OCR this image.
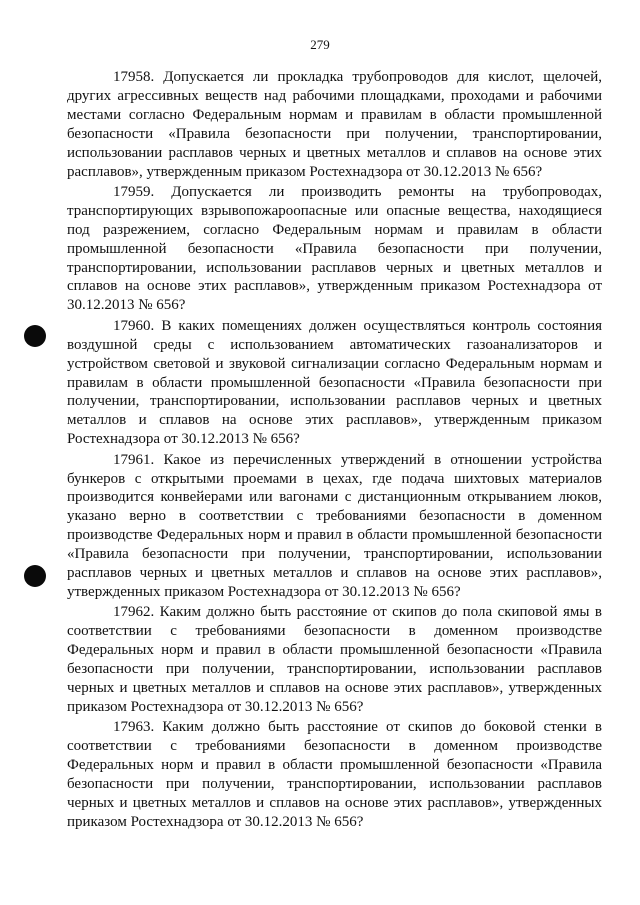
279

17958. Допускается ли прокладка трубопроводов для кислот, щелочей, других агрессивных веществ над рабочими площадками, проходами и рабочими местами согласно Федеральным нормам и правилам в области промышленной безопасности «Правила безопасности при получении, транспортировании, использовании расплавов черных и цветных металлов и сплавов на основе этих расплавов», утвержденным приказом Ростехнадзора от 30.12.2013 № 656?

17959. Допускается ли производить ремонты на трубопроводах, транспортирующих взрывопожароопасные или опасные вещества, находящиеся под разрежением, согласно Федеральным нормам и правилам в области промышленной безопасности «Правила безопасности при получении, транспортировании, использовании расплавов черных и цветных металлов и сплавов на основе этих расплавов», утвержденным приказом Ростехнадзора от 30.12.2013 № 656?

17960. В каких помещениях должен осуществляться контроль состояния воздушной среды с использованием автоматических газоанализаторов и устройством световой и звуковой сигнализации согласно Федеральным нормам и правилам в области промышленной безопасности «Правила безопасности при получении, транспортировании, использовании расплавов черных и цветных металлов и сплавов на основе этих расплавов», утвержденным приказом Ростехнадзора от 30.12.2013 № 656?

17961. Какое из перечисленных утверждений в отношении устройства бункеров с открытыми проемами в цехах, где подача шихтовых материалов производится конвейерами или вагонами с дистанционным открыванием люков, указано верно в соответствии с требованиями безопасности в доменном производстве Федеральных норм и правил в области промышленной безопасности «Правила безопасности при получении, транспортировании, использовании расплавов черных и цветных металлов и сплавов на основе этих расплавов», утвержденных приказом Ростехнадзора от 30.12.2013 № 656?

17962. Каким должно быть расстояние от скипов до пола скиповой ямы в соответствии с требованиями безопасности в доменном производстве Федеральных норм и правил в области промышленной безопасности «Правила безопасности при получении, транспортировании, использовании расплавов черных и цветных металлов и сплавов на основе этих расплавов», утвержденных приказом Ростехнадзора от 30.12.2013 № 656?

17963. Каким должно быть расстояние от скипов до боковой стенки в соответствии с требованиями безопасности в доменном производстве Федеральных норм и правил в области промышленной безопасности «Правила безопасности при получении, транспортировании, использовании расплавов черных и цветных металлов и сплавов на основе этих расплавов», утвержденных приказом Ростехнадзора от 30.12.2013 № 656?
